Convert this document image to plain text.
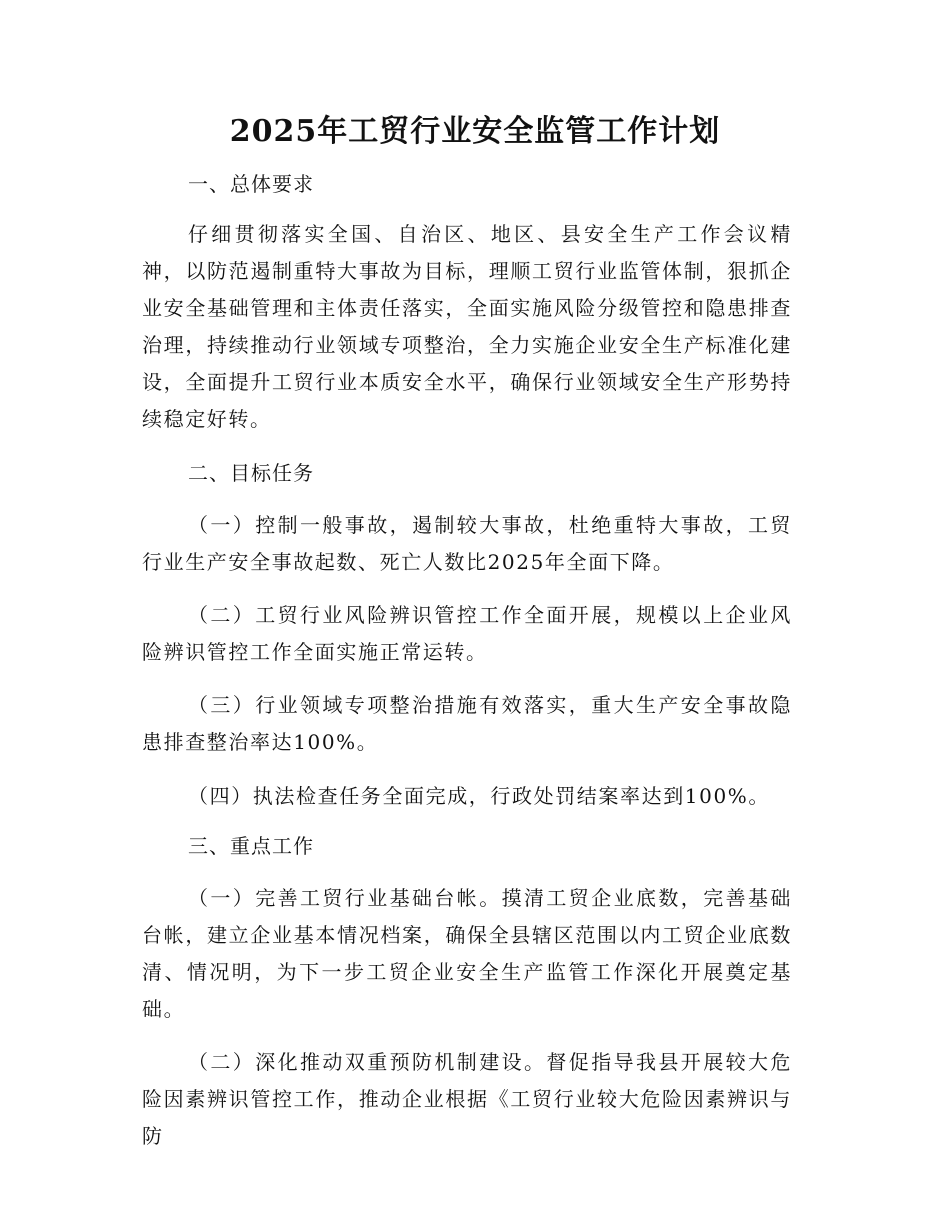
2025年工贸行业安全监管工作计划

一、总体要求

仔细贯彻落实全国、自治区、地区、县安全生产工作会议精神，以防范遏制重特大事故为目标，理顺工贸行业监管体制，狠抓企业安全基础管理和主体责任落实，全面实施风险分级管控和隐患排查治理，持续推动行业领域专项整治，全力实施企业安全生产标准化建设，全面提升工贸行业本质安全水平，确保行业领域安全生产形势持续稳定好转。

二、目标任务

（一）控制一般事故，遏制较大事故，杜绝重特大事故，工贸行业生产安全事故起数、死亡人数比2025年全面下降。

（二）工贸行业风险辨识管控工作全面开展，规模以上企业风险辨识管控工作全面实施正常运转。

（三）行业领域专项整治措施有效落实，重大生产安全事故隐患排查整治率达100%。

（四）执法检查任务全面完成，行政处罚结案率达到100%。

三、重点工作

（一）完善工贸行业基础台帐。摸清工贸企业底数，完善基础台帐，建立企业基本情况档案，确保全县辖区范围以内工贸企业底数清、情况明，为下一步工贸企业安全生产监管工作深化开展奠定基础。

（二）深化推动双重预防机制建设。督促指导我县开展较大危险因素辨识管控工作，推动企业根据《工贸行业较大危险因素辨识与防
